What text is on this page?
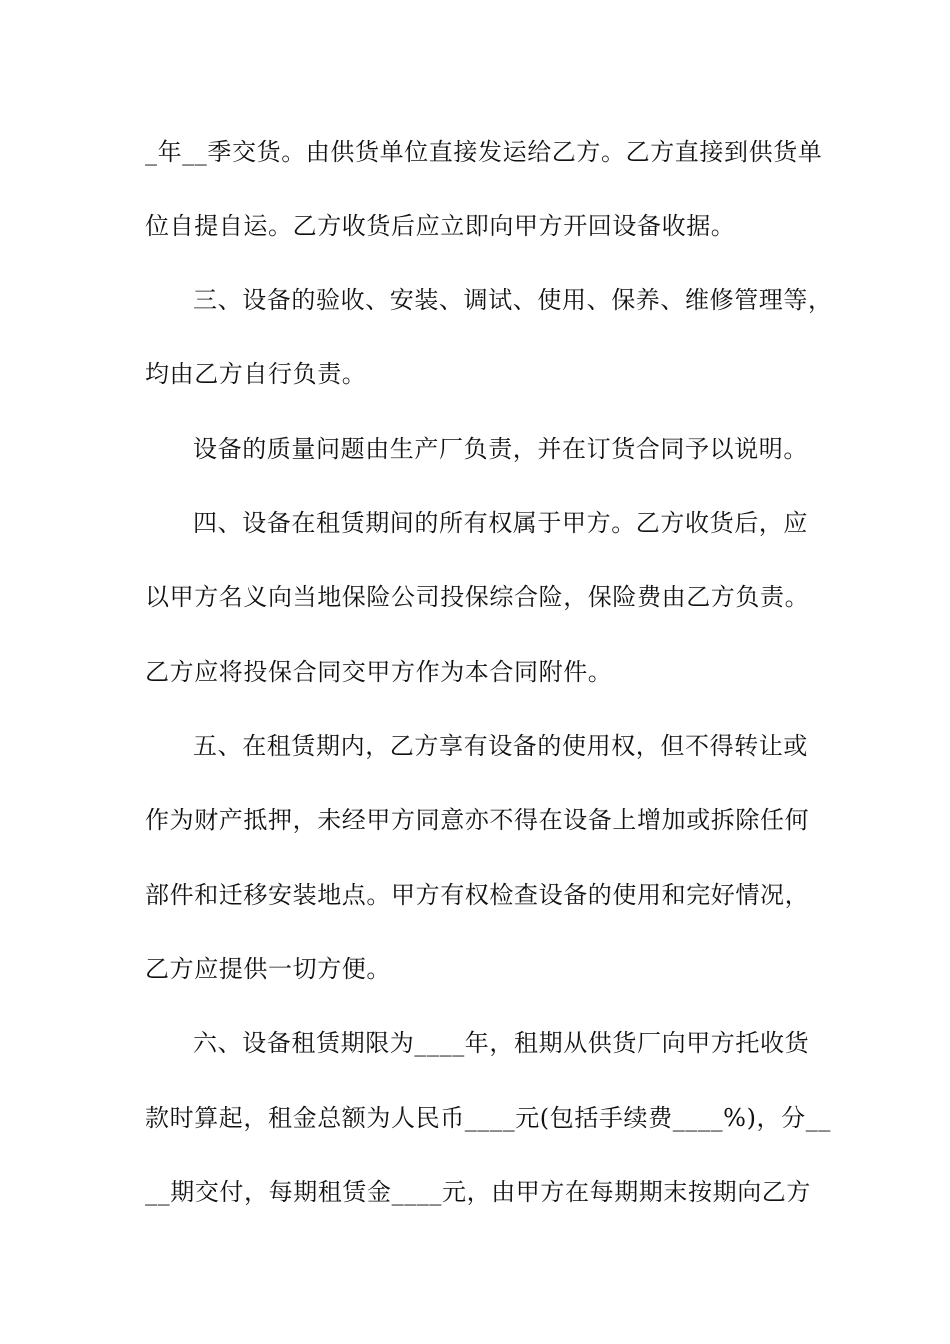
_年__季交货。由供货单位直接发运给乙方。乙方直接到供货单
位自提自运。乙方收货后应立即向甲方开回设备收据。
三、设备的验收、安装、调试、使用、保养、维修管理等，
均由乙方自行负责。
设备的质量问题由生产厂负责，并在订货合同予以说明。
四、设备在租赁期间的所有权属于甲方。乙方收货后，应
以甲方名义向当地保险公司投保综合险，保险费由乙方负责。
乙方应将投保合同交甲方作为本合同附件。
五、在租赁期内，乙方享有设备的使用权，但不得转让或
作为财产抵押，未经甲方同意亦不得在设备上增加或拆除任何
部件和迁移安装地点。甲方有权检查设备的使用和完好情况，
乙方应提供一切方便。
六、设备租赁期限为____年，租期从供货厂向甲方托收货
款时算起，租金总额为人民币____元(包括手续费____%)，分__
__期交付，每期租赁金____元，由甲方在每期期末按期向乙方
